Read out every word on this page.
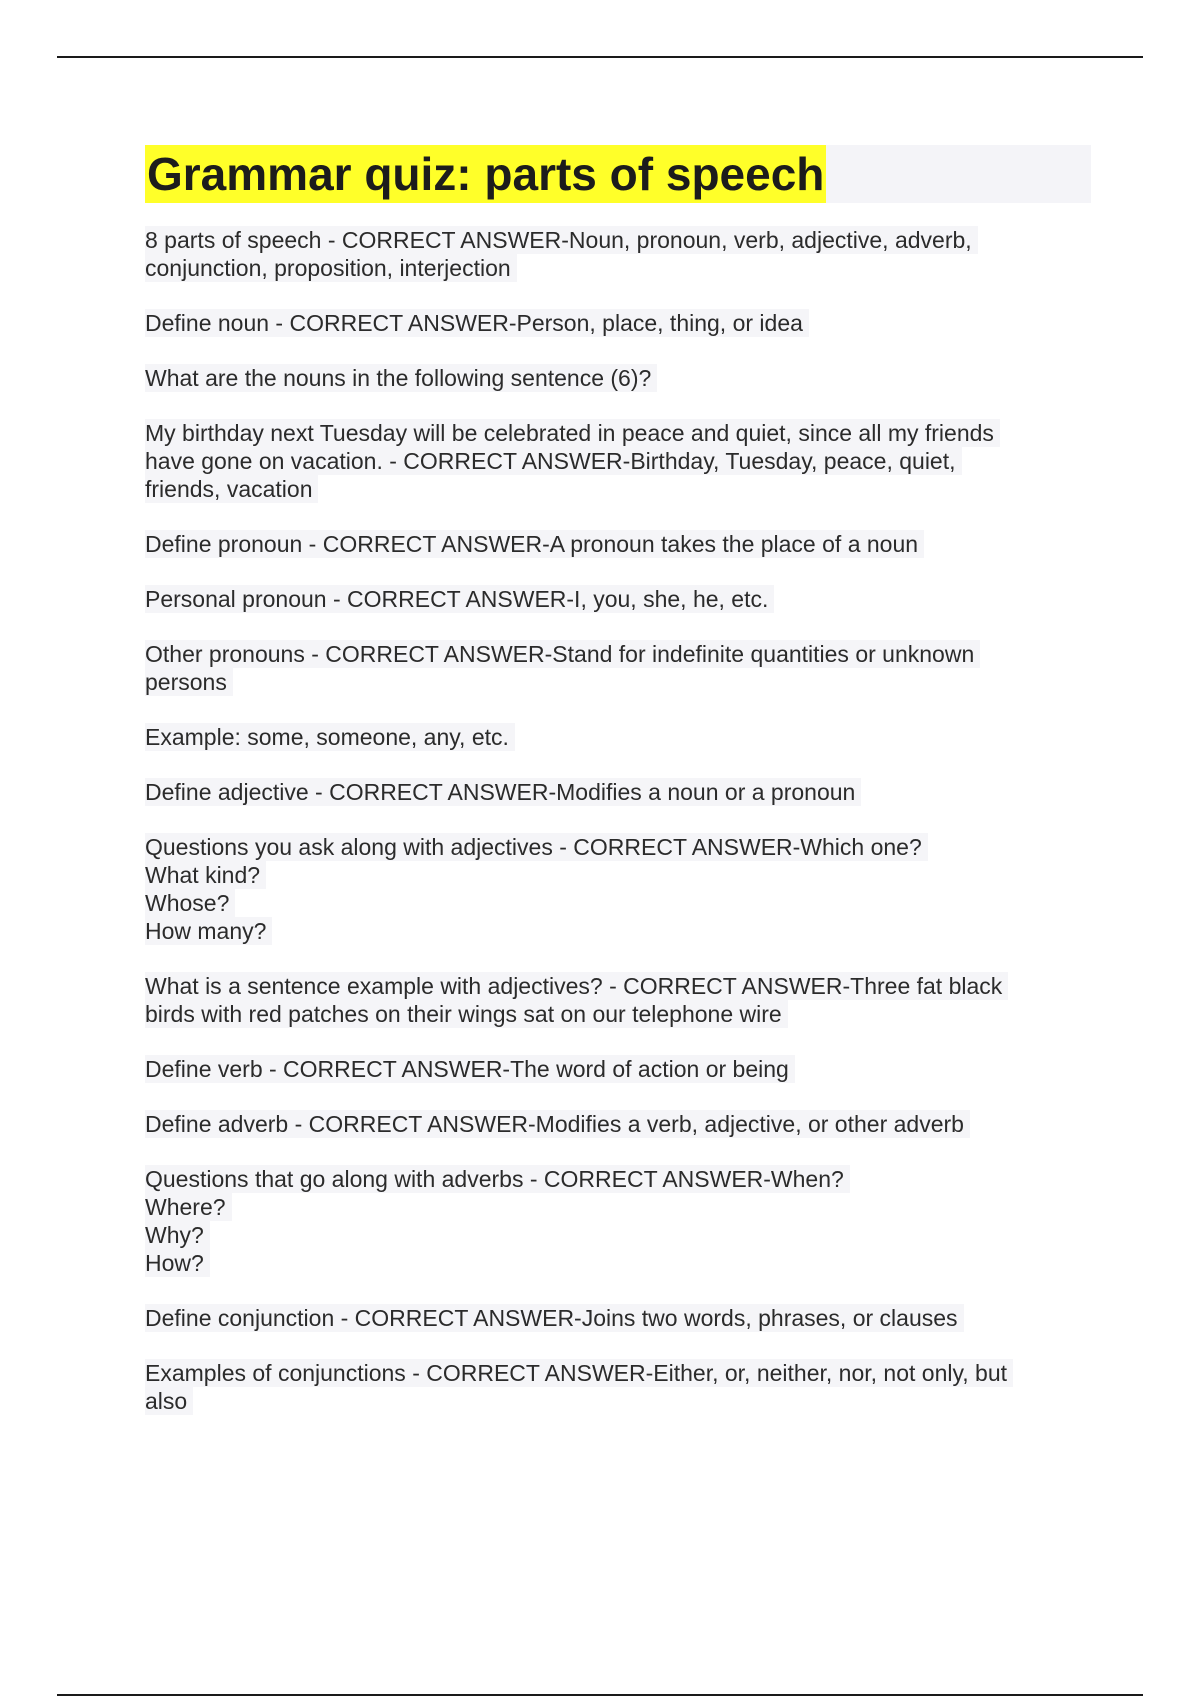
Grammar quiz: parts of speech
8 parts of speech - CORRECT ANSWER-Noun, pronoun, verb, adjective, adverb,
conjunction, proposition, interjection
Define noun - CORRECT ANSWER-Person, place, thing, or idea
What are the nouns in the following sentence (6)?
My birthday next Tuesday will be celebrated in peace and quiet, since all my friends
have gone on vacation. - CORRECT ANSWER-Birthday, Tuesday, peace, quiet,
friends, vacation
Define pronoun - CORRECT ANSWER-A pronoun takes the place of a noun
Personal pronoun - CORRECT ANSWER-I, you, she, he, etc.
Other pronouns - CORRECT ANSWER-Stand for indefinite quantities or unknown
persons
Example: some, someone, any, etc.
Define adjective - CORRECT ANSWER-Modifies a noun or a pronoun
Questions you ask along with adjectives - CORRECT ANSWER-Which one?
What kind?
Whose?
How many?
What is a sentence example with adjectives? - CORRECT ANSWER-Three fat black
birds with red patches on their wings sat on our telephone wire
Define verb - CORRECT ANSWER-The word of action or being
Define adverb - CORRECT ANSWER-Modifies a verb, adjective, or other adverb
Questions that go along with adverbs - CORRECT ANSWER-When?
Where?
Why?
How?
Define conjunction - CORRECT ANSWER-Joins two words, phrases, or clauses
Examples of conjunctions - CORRECT ANSWER-Either, or, neither, nor, not only, but
also
